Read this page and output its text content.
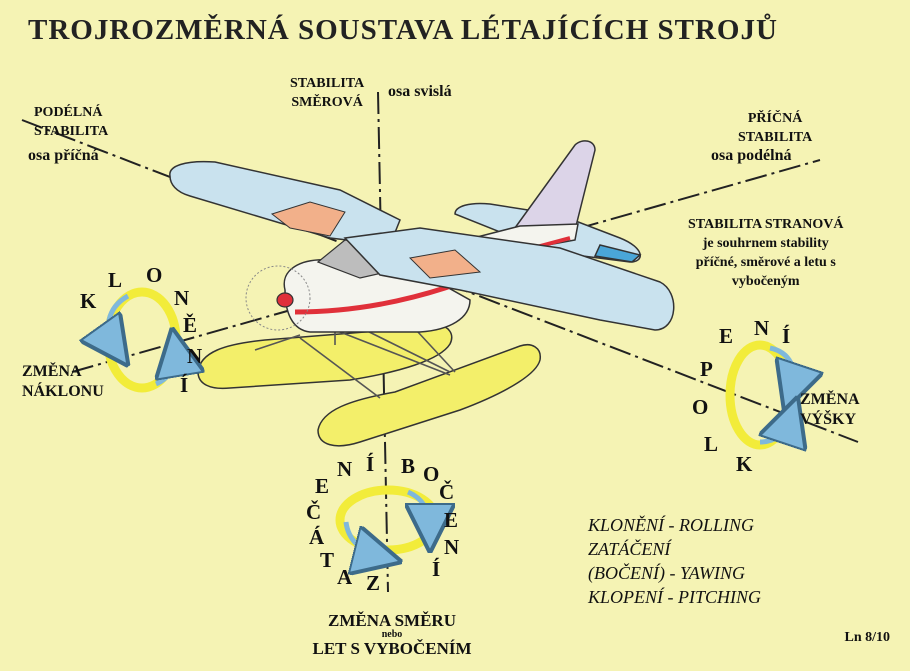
TROJROZMĚRNÁ SOUSTAVA LÉTAJÍCÍCH STROJŮ
STABILITA
SMĚROVÁ
osa svislá
PODÉLNÁ
STABILITA
osa příčná
PŘÍČNÁ
STABILITA
osa podélná
STABILITA STRANOVÁ
je souhrnem stability
příčné, směrové a letu s
vybočeným
K
L O
N
Ě
N
Í
ZMĚNA
NÁKLONU
K
L
O
P
E N Í
ZMĚNA
VÝŠKY
Z
A
T
Á
Č
E
N Í B O
Č
E
N
Í
ZMĚNA SMĚRU
nebo
LET S VYBOČENÍM
KLONĚNÍ - ROLLING
ZATÁČENÍ
(BOČENÍ) - YAWING
KLOPENÍ - PITCHING
Ln 8/10
